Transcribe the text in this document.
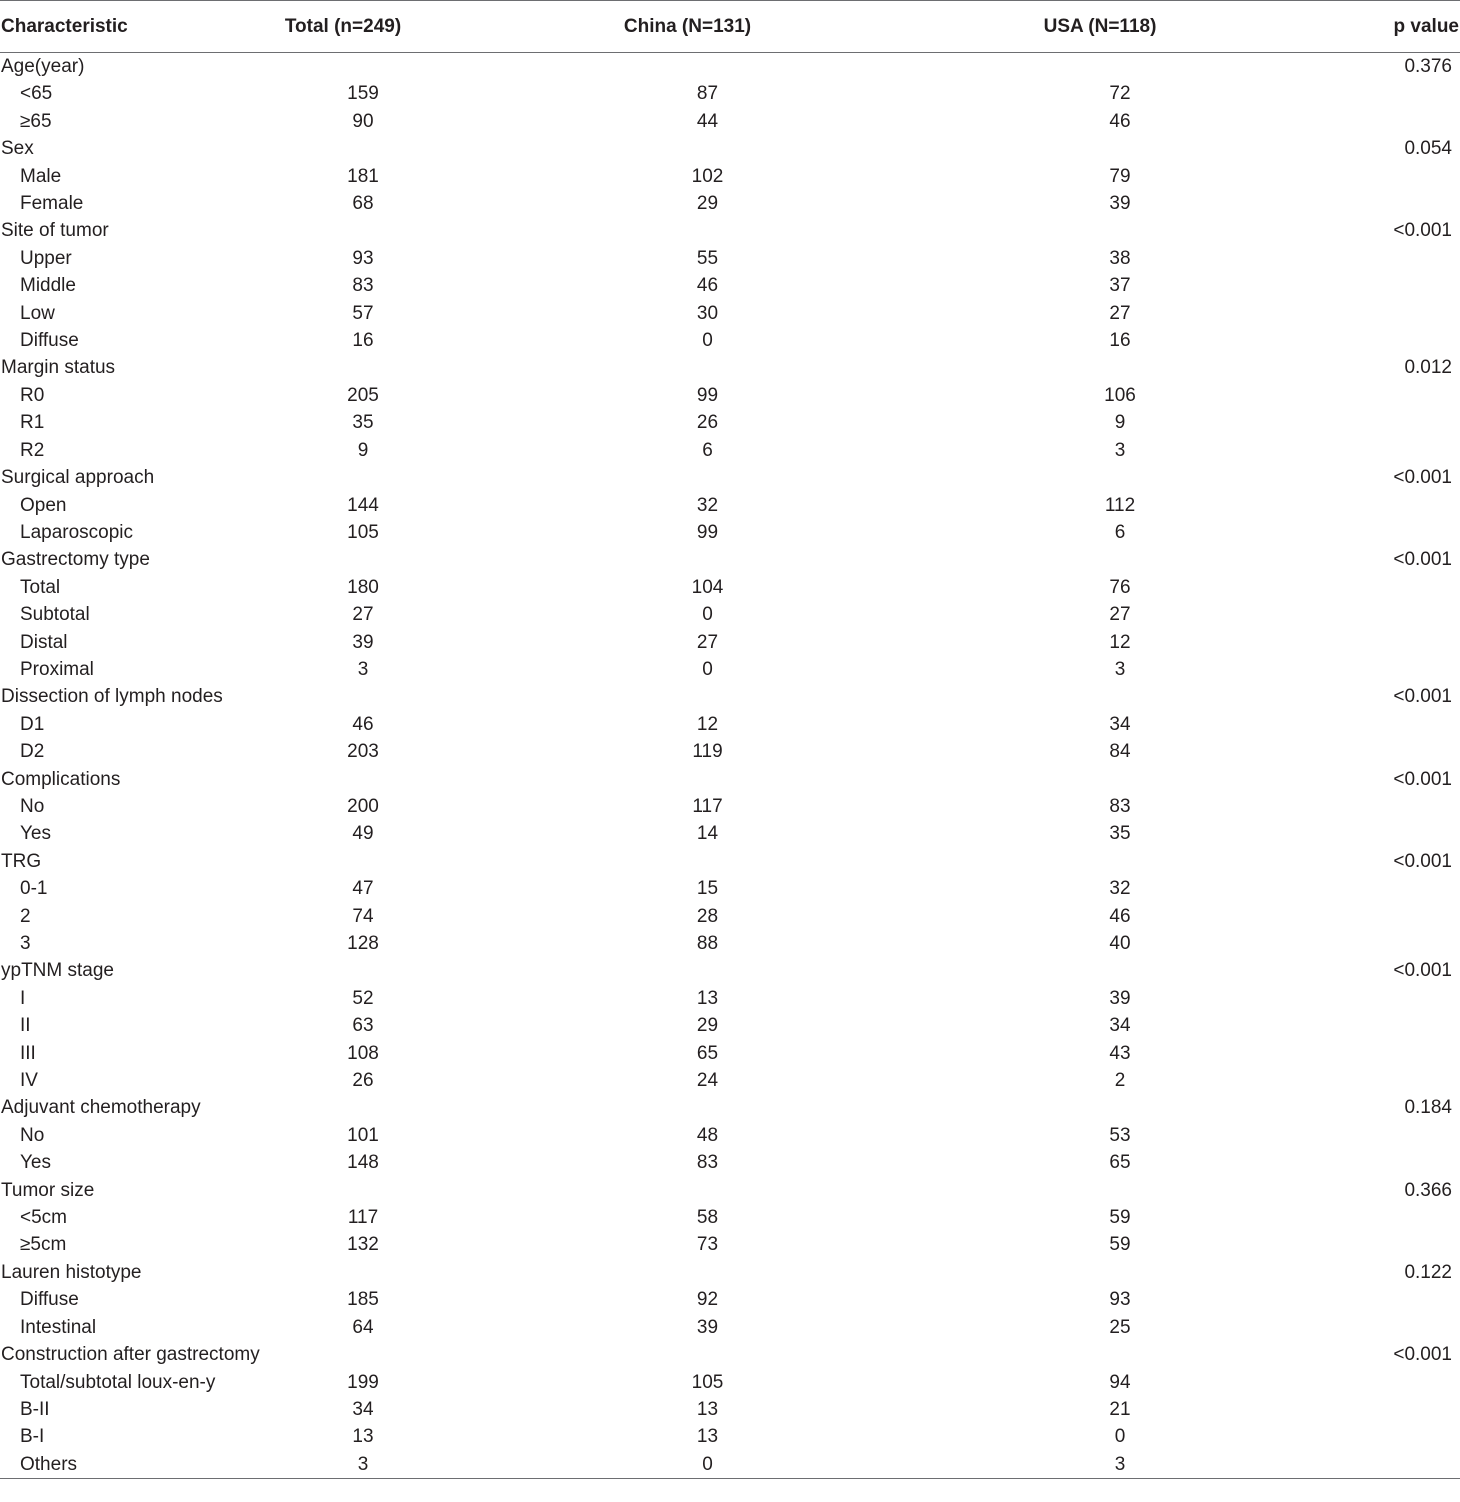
Characteristic	Total (n=249)	China (N=131)	USA (N=118)	p value
Age(year)				0.376
<65	159	87	72	
≥65	90	44	46	
Sex				0.054
Male	181	102	79	
Female	68	29	39	
Site of tumor				<0.001
Upper	93	55	38	
Middle	83	46	37	
Low	57	30	27	
Diffuse	16	0	16	
Margin status				0.012
R0	205	99	106	
R1	35	26	9	
R2	9	6	3	
Surgical approach				<0.001
Open	144	32	112	
Laparoscopic	105	99	6	
Gastrectomy type				<0.001
Total	180	104	76	
Subtotal	27	0	27	
Distal	39	27	12	
Proximal	3	0	3	
Dissection of lymph nodes				<0.001
D1	46	12	34	
D2	203	119	84	
Complications				<0.001
No	200	117	83	
Yes	49	14	35	
TRG				<0.001
0-1	47	15	32	
2	74	28	46	
3	128	88	40	
ypTNM stage				<0.001
I	52	13	39	
II	63	29	34	
III	108	65	43	
IV	26	24	2	
Adjuvant chemotherapy				0.184
No	101	48	53	
Yes	148	83	65	
Tumor size				0.366
<5cm	117	58	59	
≥5cm	132	73	59	
Lauren histotype				0.122
Diffuse	185	92	93	
Intestinal	64	39	25	
Construction after gastrectomy				<0.001
Total/subtotal loux-en-y	199	105	94	
B-II	34	13	21	
B-I	13	13	0	
Others	3	0	3	
